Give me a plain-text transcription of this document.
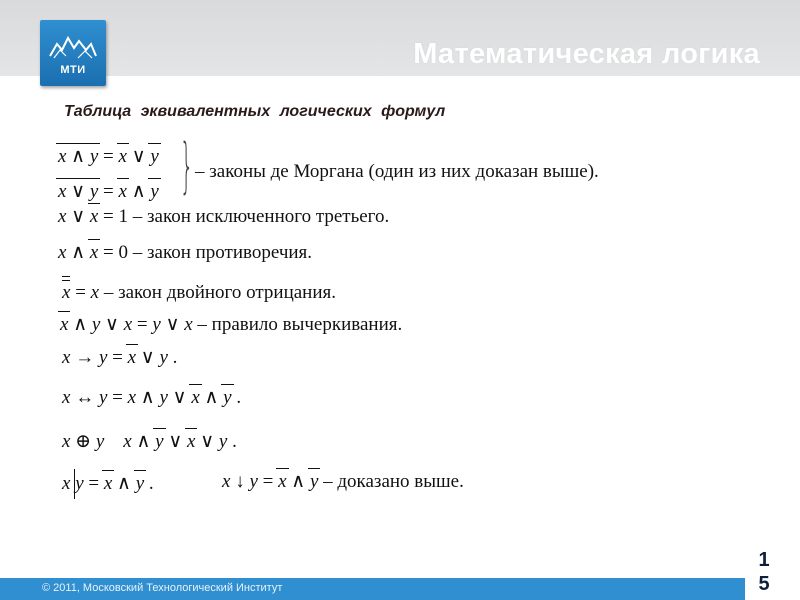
МТИ	Математическая логика
Таблица эквивалентных логических формул
x ∧ y = x ∨ y
x ∨ y = x ∧ y } – законы де Моргана (один из них доказан выше).
x ∨ x = 1 – закон исключенного третьего.
x ∧ x = 0 – закон противоречия.
x = x – закон двойного отрицания.
x ∧ y ∨ x = y ∨ x – правило вычеркивания.
x → y = x ∨ y .
x ↔ y = x ∧ y ∨ x ∧ y .
x ⊕ y x ∧ y ∨ x ∨ y .
x y = x ∧ y .	x ↓ y = x ∧ y – доказано выше.
© 2011, Московский Технологический Институт
1
5
